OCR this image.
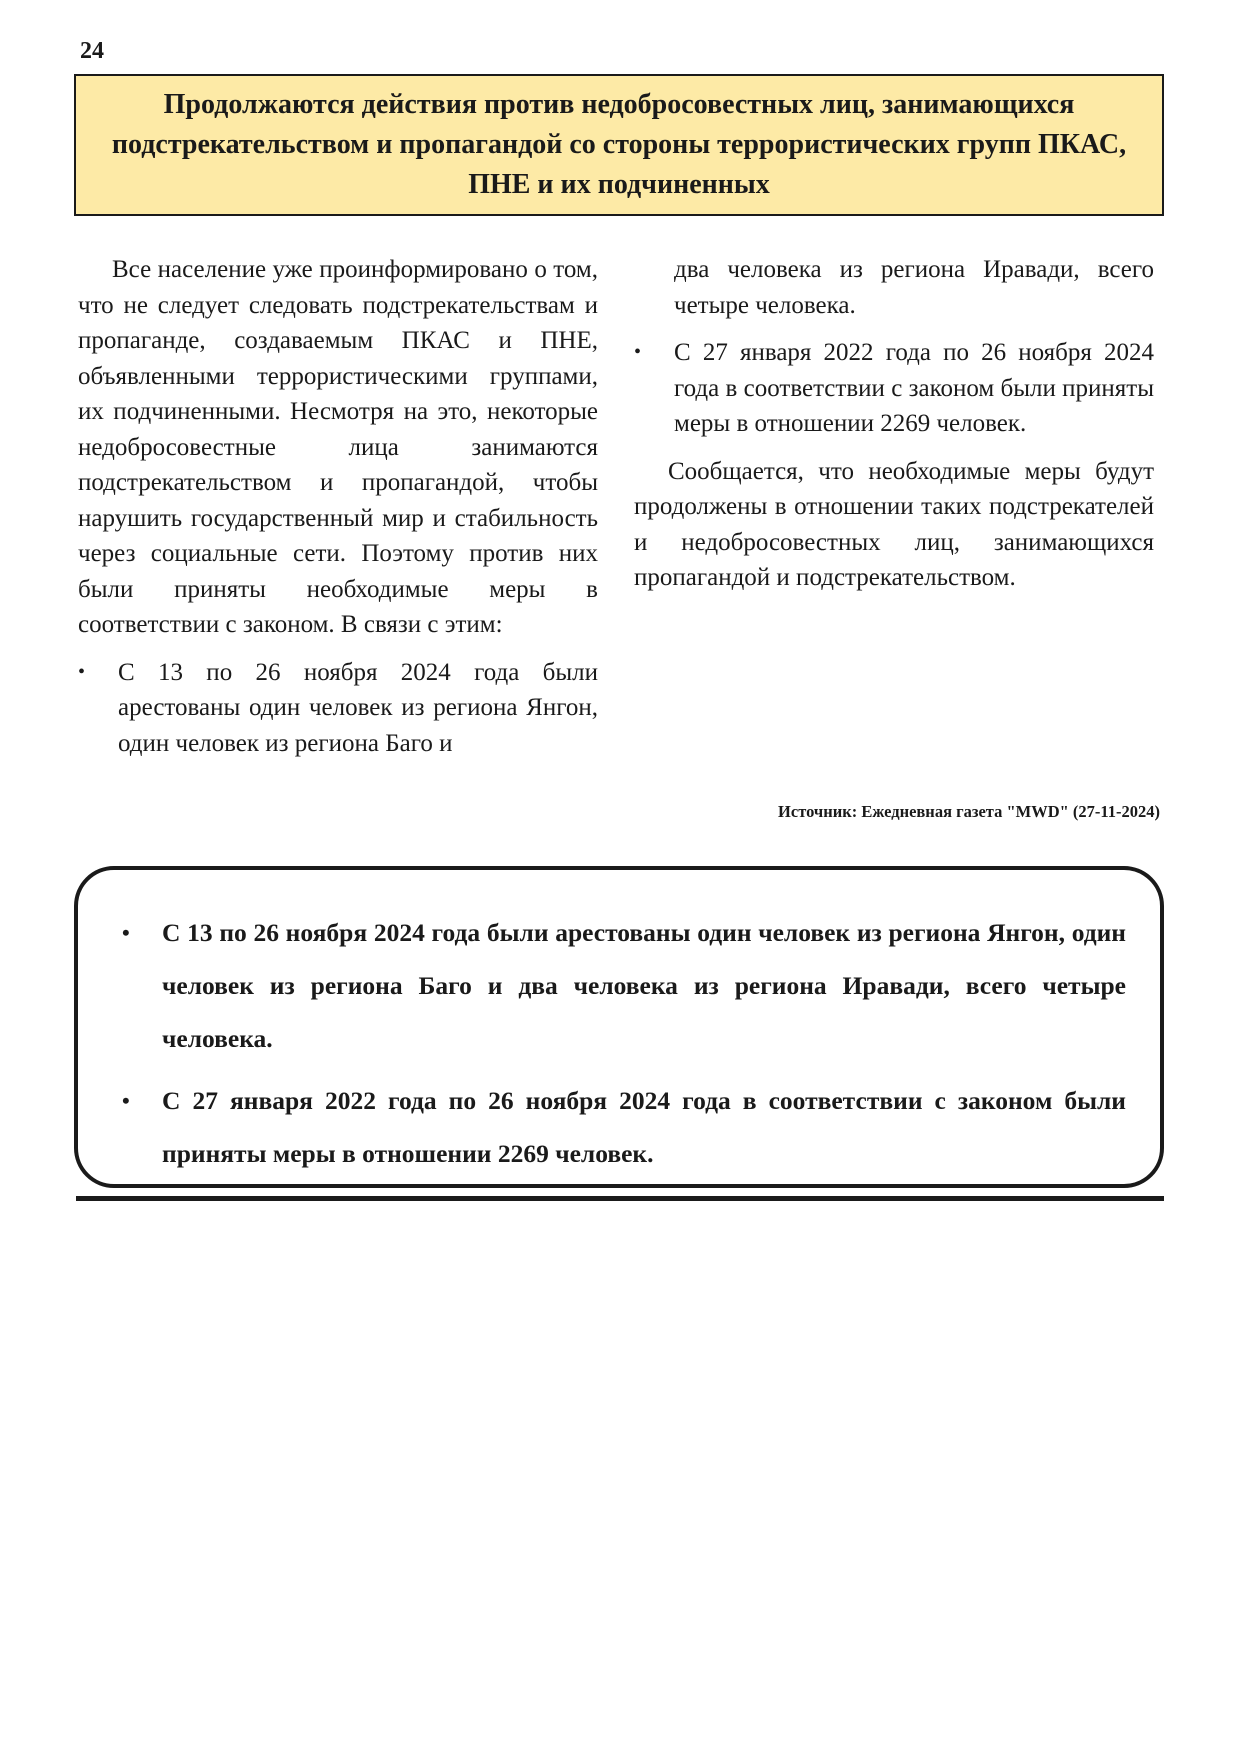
24
Продолжаются действия против недобросовестных лиц, занимающихся подстрекательством и пропагандой со стороны террористических групп ПКАС, ПНЕ и их подчиненных

Все население уже проинформировано о том, что не следует следовать подстрекательствам и пропаганде, создаваемым ПКАС и ПНЕ, объявленными террористическими группами, их подчиненными. Несмотря на это, некоторые недобросовестные лица занимаются подстрекательством и пропагандой, чтобы нарушить государственный мир и стабильность через социальные сети. Поэтому против них были приняты необходимые меры в соответствии с законом. В связи с этим:

• С 13 по 26 ноября 2024 года были арестованы один человек из региона Янгон, один человек из региона Баго и

два человека из региона Иравади, всего четыре человека.

• С 27 января 2022 года по 26 ноября 2024 года в соответствии с законом были приняты меры в отношении 2269 человек.

Сообщается, что необходимые меры будут продолжены в отношении таких подстрекателей и недобросовестных лиц, занимающихся пропагандой и подстрекательством.

Источник: Ежедневная газета "MWD" (27-11-2024)
• С 13 по 26 ноября 2024 года были арестованы один человек из региона Янгон, один человек из региона Баго и два человека из региона Иравади, всего четыре человека.
• С 27 января 2022 года по 26 ноября 2024 года в соответствии с законом были приняты меры в отношении 2269 человек.
